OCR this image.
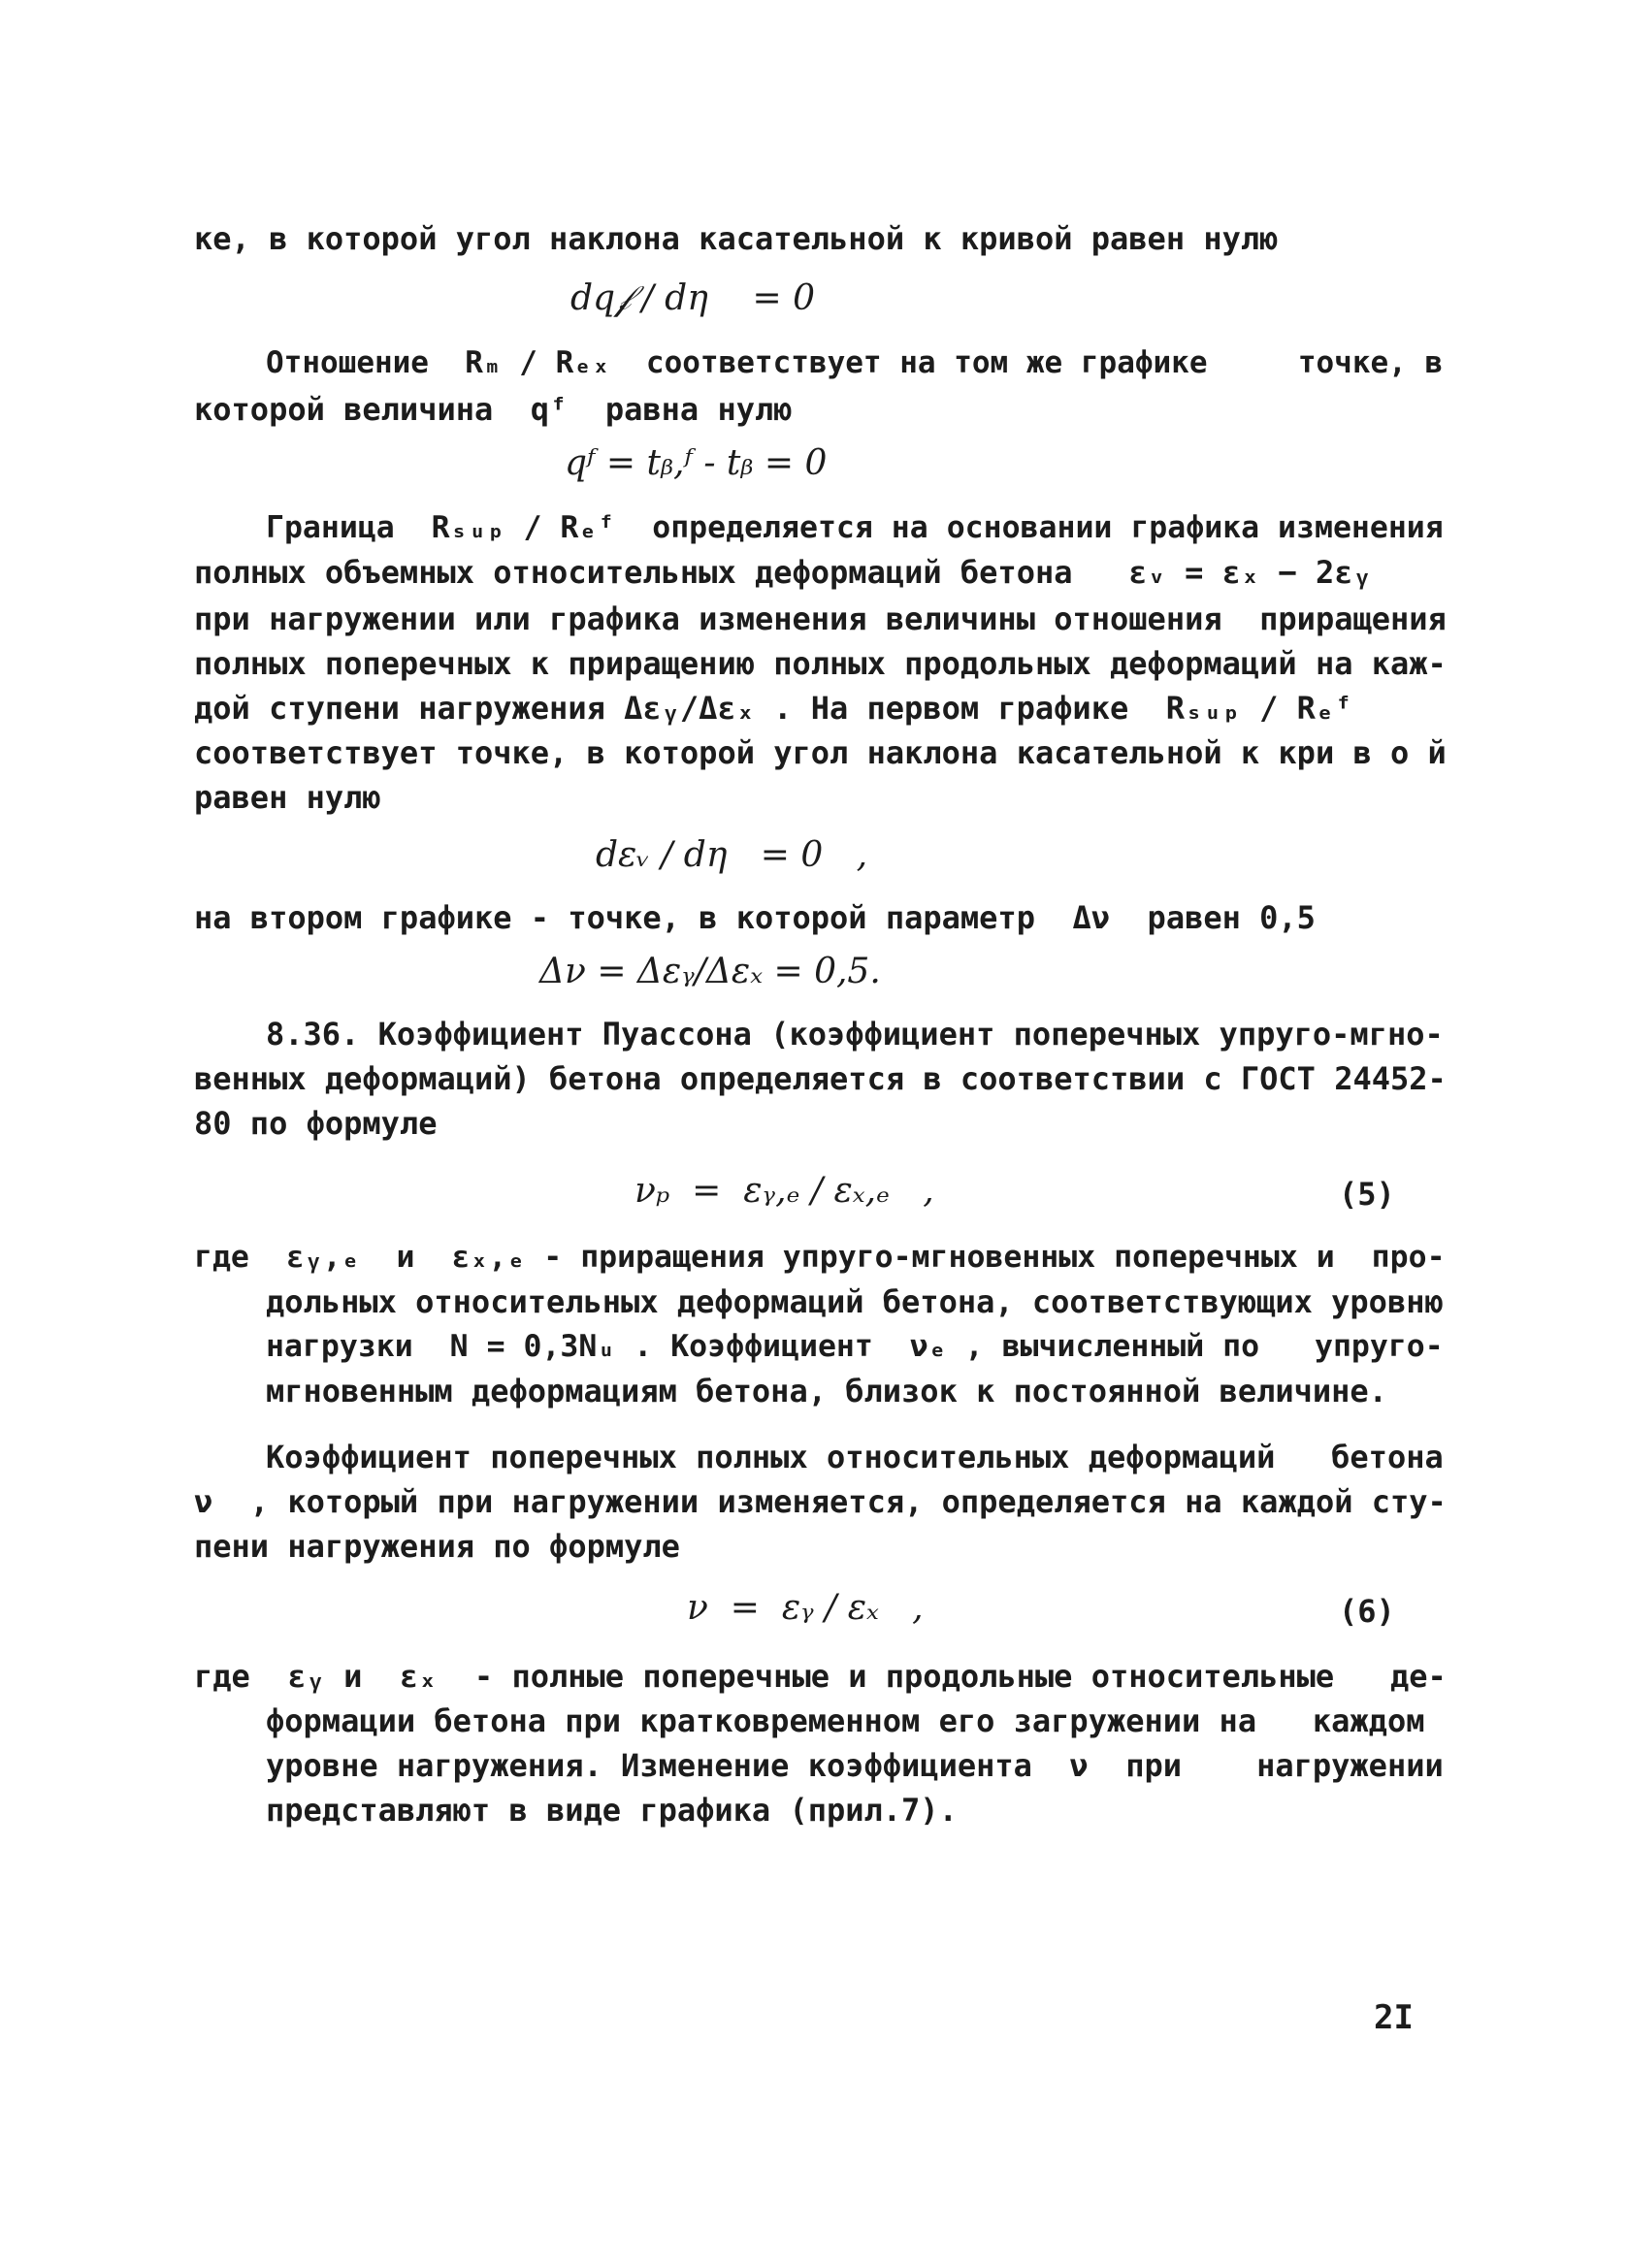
ке, в которой угол наклона касательной к кривой равен нулю
dq𝒻 / dη    = 0
Отношение  Rₘ / Rₑₓ  соответствует на том же графике     точке, в
которой величина  qᶠ  равна нулю
qᶠ = tᵦ,ᶠ - tᵦ = 0
Граница  Rₛᵤₚ / Rₑᶠ  определяется на основании графика изменения
полных объемных относительных деформаций бетона   εᵥ = εₓ − 2εᵧ
при нагружении или графика изменения величины отношения  приращения
полных поперечных к приращению полных продольных деформаций на каж-
дой ступени нагружения Δεᵧ/Δεₓ . На первом графике  Rₛᵤₚ / Rₑᶠ
соответствует точке, в которой угол наклона касательной к кри в о й
равен нулю
dεᵥ / dη   = 0   ,
на втором графике - точке, в которой параметр  Δν  равен 0,5
Δν = Δεᵧ/Δεₓ = 0,5.
8.36. Коэффициент Пуассона (коэффициент поперечных упруго-мгно-
венных деформаций) бетона определяется в соответствии с ГОСТ 24452-
80 по формуле
νₚ  =  εᵧ,ₑ / εₓ,ₑ   ,	(5)
где  εᵧ,ₑ  и  εₓ,ₑ - приращения упруго-мгновенных поперечных и  про-
дольных относительных деформаций бетона, соответствующих уровню
нагрузки  N = 0,3Nᵤ . Коэффициент  νₑ , вычисленный по   упруго-
мгновенным деформациям бетона, близок к постоянной величине.
Коэффициент поперечных полных относительных деформаций   бетона
ν  , который при нагружении изменяется, определяется на каждой сту-
пени нагружения по формуле
ν  =  εᵧ / εₓ   ,	(6)
где  εᵧ и  εₓ  - полные поперечные и продольные относительные   де-
формации бетона при кратковременном его загружении на   каждом
уровне нагружения. Изменение коэффициента  ν  при    нагружении
представляют в виде графика (прил.7).
2I
